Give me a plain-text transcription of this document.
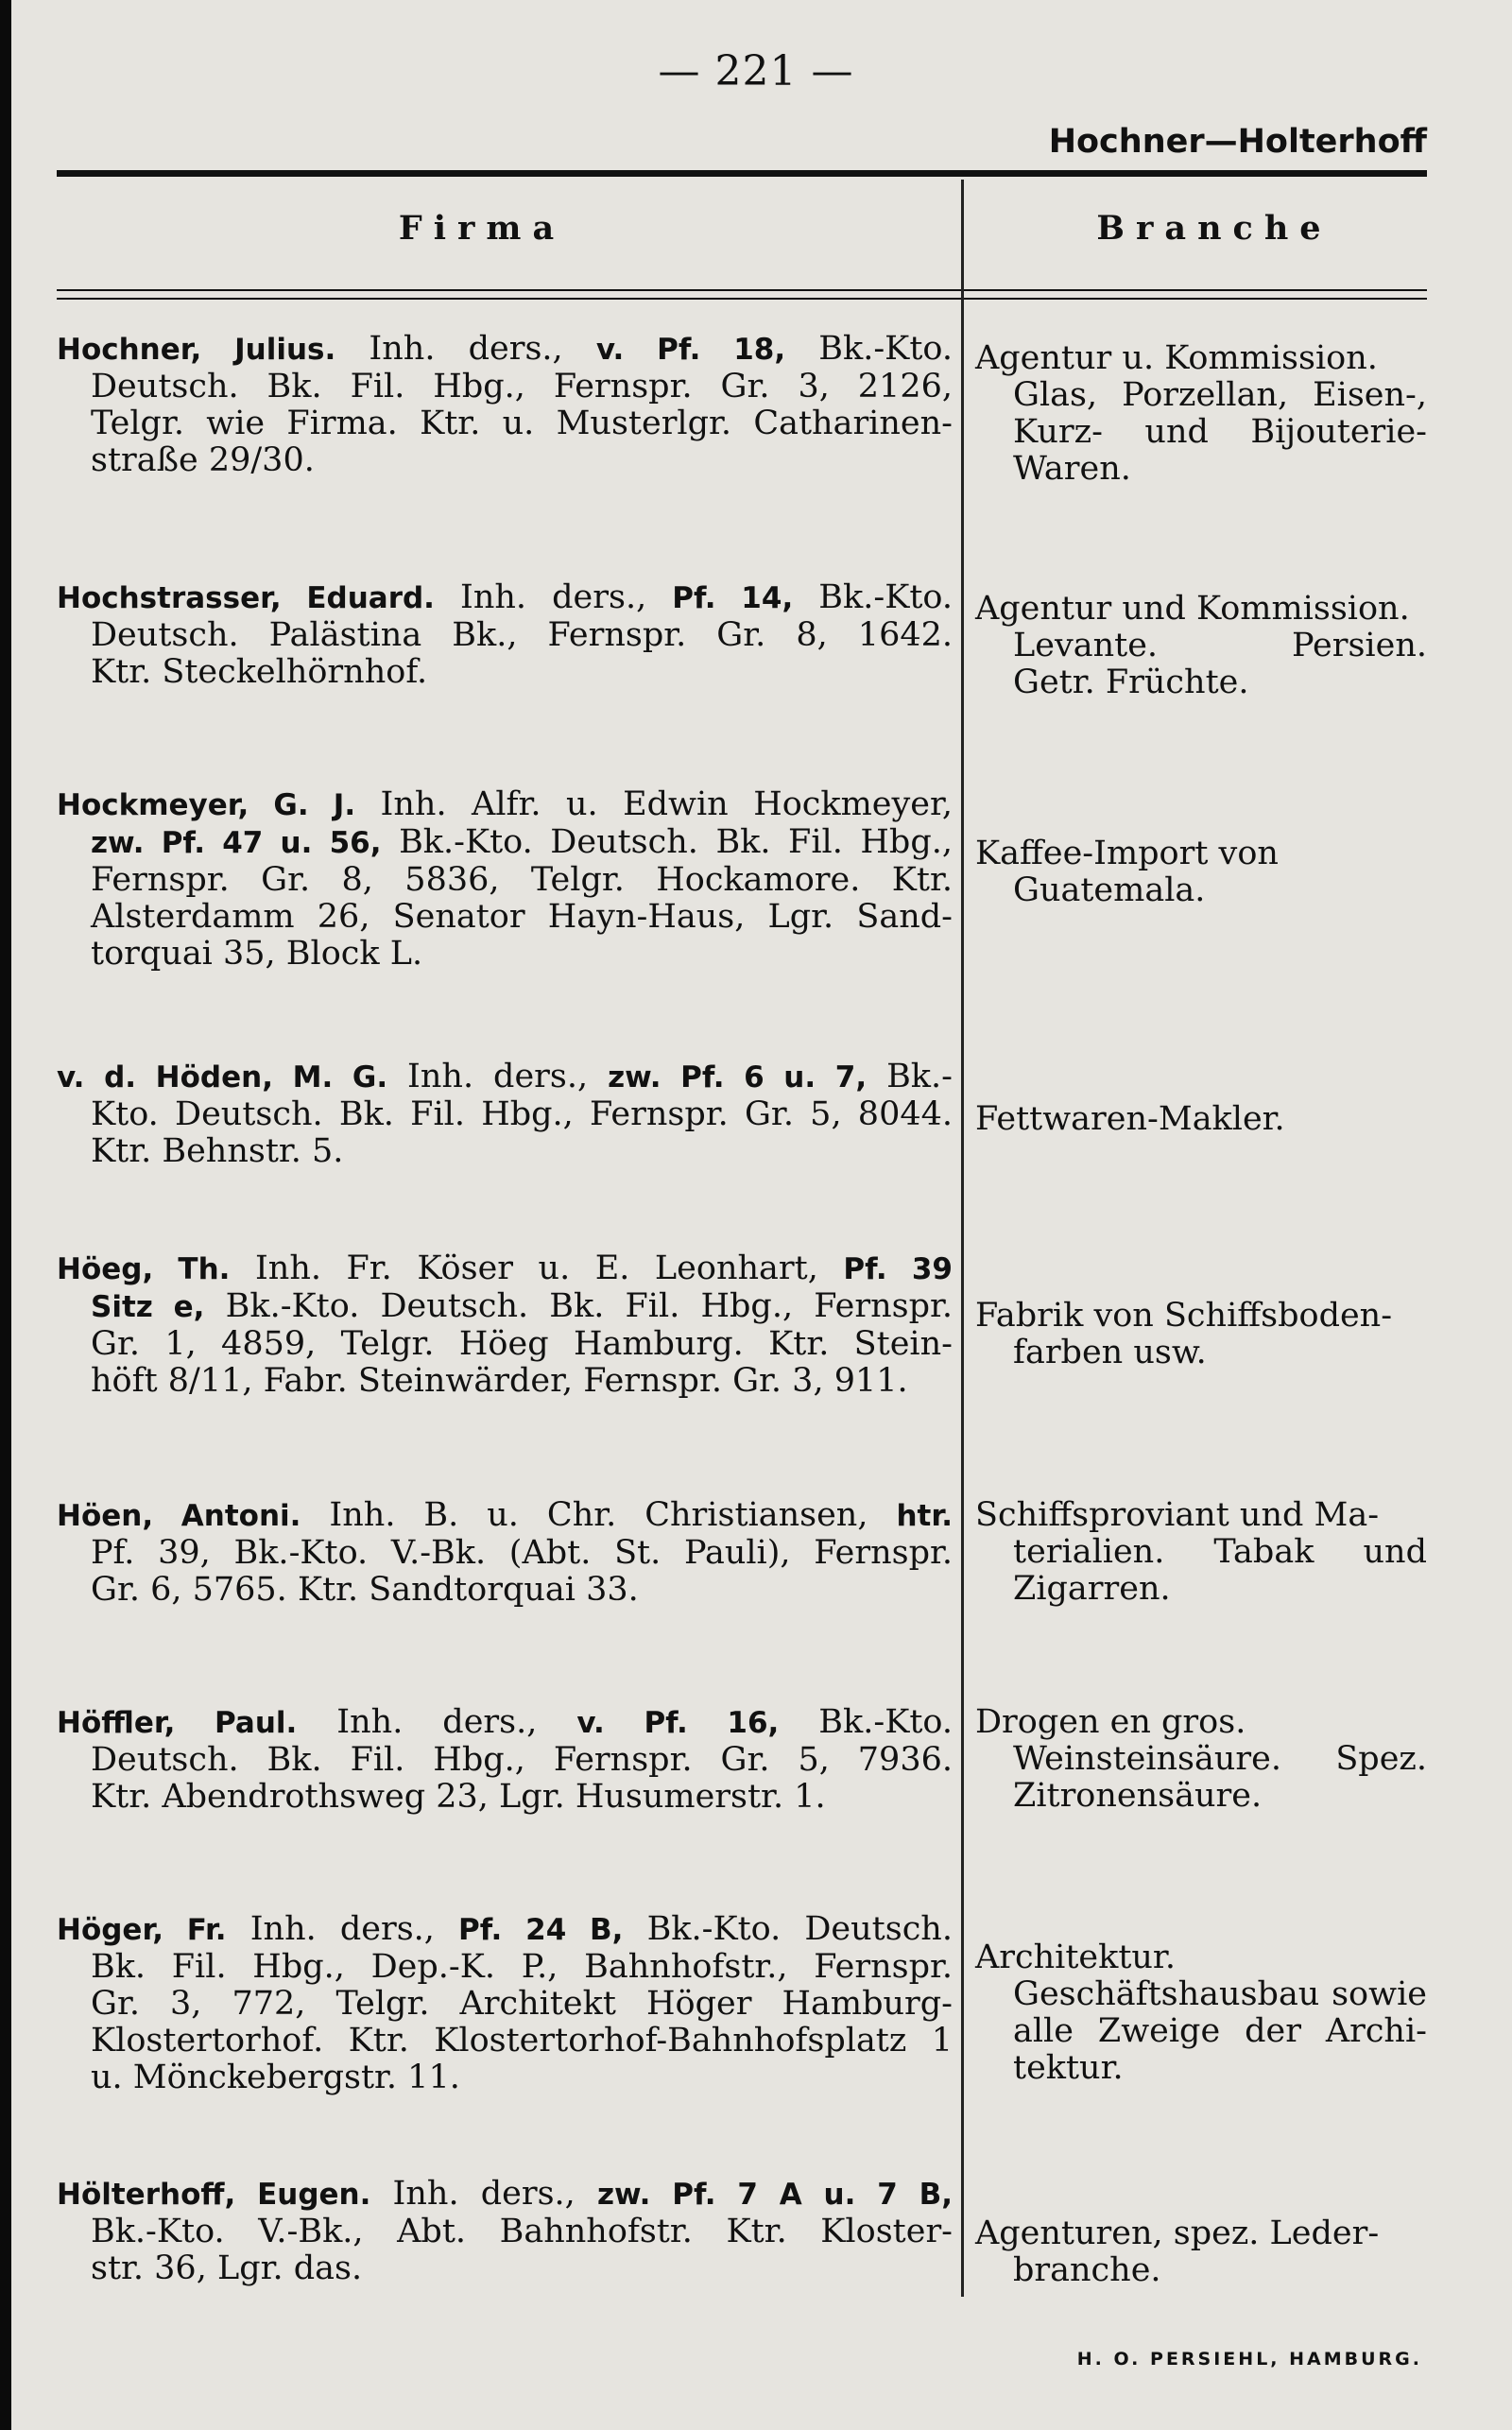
— 221 —
Hochner—Holterhoff
Firma	Branche
Hochner, Julius. Inh. ders., v. Pf. 18, Bk.-Kto.
Deutsch. Bk. Fil. Hbg., Fernspr. Gr. 3, 2126,
Telgr. wie Firma. Ktr. u. Musterlgr. Catharinen-
straße 29/30.
Agentur u. Kommission.
Glas, Porzellan, Eisen-,
Kurz- und Bijouterie-
Waren.
Hochstrasser, Eduard. Inh. ders., Pf. 14, Bk.-Kto.
Deutsch. Palästina Bk., Fernspr. Gr. 8, 1642.
Ktr. Steckelhörnhof.
Agentur und Kommission.
Levante. Persien.
Getr. Früchte.
Hockmeyer, G. J. Inh. Alfr. u. Edwin Hockmeyer,
zw. Pf. 47 u. 56, Bk.-Kto. Deutsch. Bk. Fil. Hbg.,
Fernspr. Gr. 8, 5836, Telgr. Hockamore. Ktr.
Alsterdamm 26, Senator Hayn-Haus, Lgr. Sand-
torquai 35, Block L.
Kaffee-Import von
Guatemala.
v. d. Höden, M. G. Inh. ders., zw. Pf. 6 u. 7, Bk.-
Kto. Deutsch. Bk. Fil. Hbg., Fernspr. Gr. 5, 8044.
Ktr. Behnstr. 5.
Fettwaren-Makler.
Höeg, Th. Inh. Fr. Köser u. E. Leonhart, Pf. 39
Sitz e, Bk.-Kto. Deutsch. Bk. Fil. Hbg., Fernspr.
Gr. 1, 4859, Telgr. Höeg Hamburg. Ktr. Stein-
höft 8/11, Fabr. Steinwärder, Fernspr. Gr. 3, 911.
Fabrik von Schiffsboden-
farben usw.
Höen, Antoni. Inh. B. u. Chr. Christiansen, htr.
Pf. 39, Bk.-Kto. V.-Bk. (Abt. St. Pauli), Fernspr.
Gr. 6, 5765. Ktr. Sandtorquai 33.
Schiffsproviant und Ma-
terialien. Tabak und
Zigarren.
Höffler, Paul. Inh. ders., v. Pf. 16, Bk.-Kto.
Deutsch. Bk. Fil. Hbg., Fernspr. Gr. 5, 7936.
Ktr. Abendrothsweg 23, Lgr. Husumerstr. 1.
Drogen en gros.
Weinsteinsäure. Spez.
Zitronensäure.
Höger, Fr. Inh. ders., Pf. 24 B, Bk.-Kto. Deutsch.
Bk. Fil. Hbg., Dep.-K. P., Bahnhofstr., Fernspr.
Gr. 3, 772, Telgr. Architekt Höger Hamburg-
Klostertorhof. Ktr. Klostertorhof-Bahnhofsplatz 1
u. Mönckebergstr. 11.
Architektur.
Geschäftshausbau sowie
alle Zweige der Archi-
tektur.
Hölterhoff, Eugen. Inh. ders., zw. Pf. 7 A u. 7 B,
Bk.-Kto. V.-Bk., Abt. Bahnhofstr. Ktr. Kloster-
str. 36, Lgr. das.
Agenturen, spez. Leder-
branche.
H. O. PERSIEHL, HAMBURG.
